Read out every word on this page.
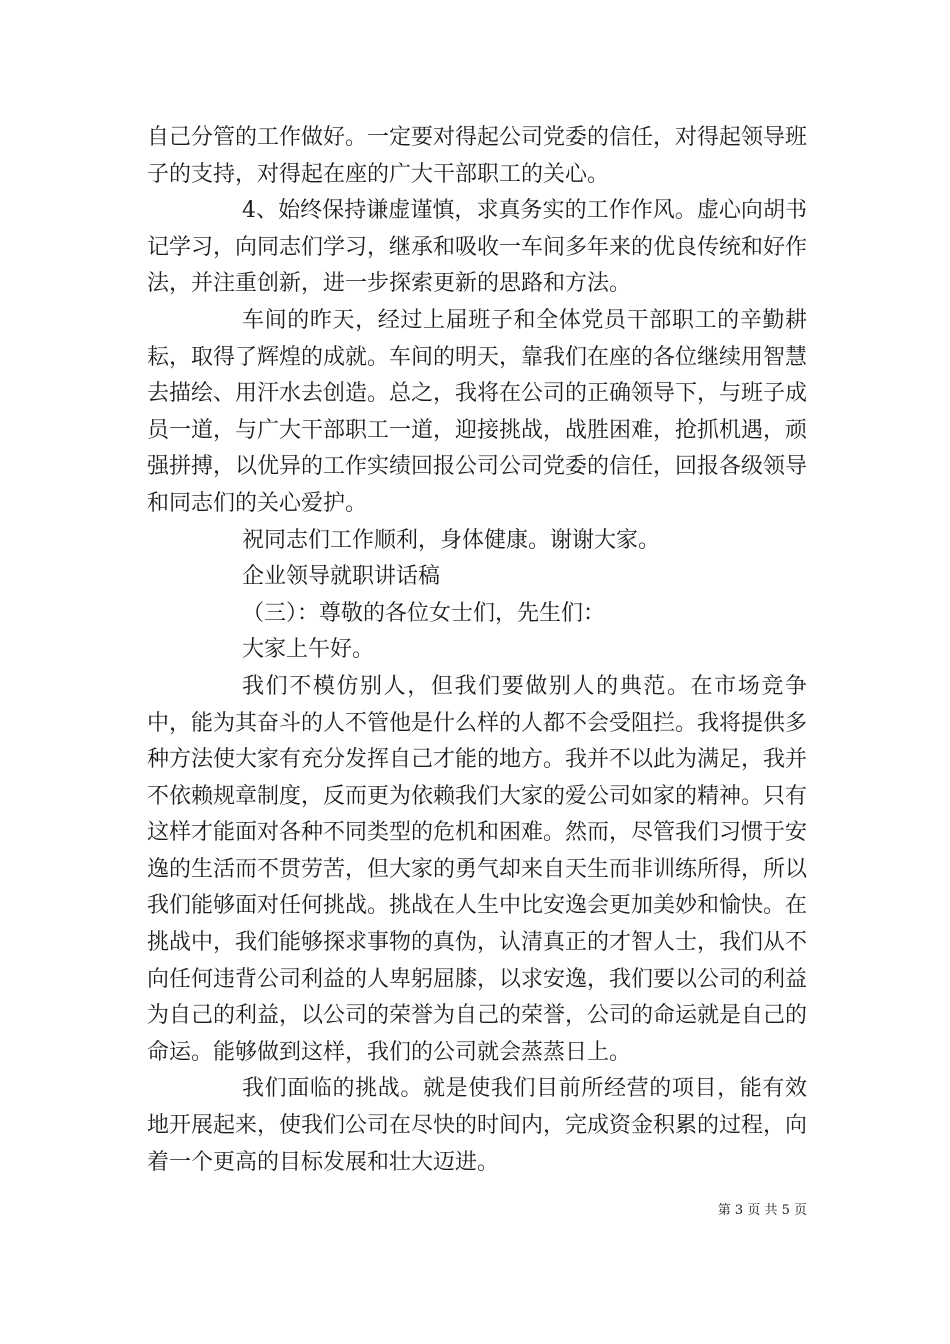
自己分管的工作做好。一定要对得起公司党委的信任，对得起领导班子的支持，对得起在座的广大干部职工的关心。

4、始终保持谦虚谨慎，求真务实的工作作风。虚心向胡书记学习，向同志们学习，继承和吸收一车间多年来的优良传统和好作法，并注重创新，进一步探索更新的思路和方法。

车间的昨天，经过上届班子和全体党员干部职工的辛勤耕耘，取得了辉煌的成就。车间的明天，靠我们在座的各位继续用智慧去描绘、用汗水去创造。总之，我将在公司的正确领导下，与班子成员一道，与广大干部职工一道，迎接挑战，战胜困难，抢抓机遇，顽强拼搏，以优异的工作实绩回报公司公司党委的信任，回报各级领导和同志们的关心爱护。

祝同志们工作顺利，身体健康。谢谢大家。

企业领导就职讲话稿

（三）：尊敬的各位女士们，先生们：

大家上午好。

我们不模仿别人，但我们要做别人的典范。在市场竞争中，能为其奋斗的人不管他是什么样的人都不会受阻拦。我将提供多种方法使大家有充分发挥自己才能的地方。我并不以此为满足，我并不依赖规章制度，反而更为依赖我们大家的爱公司如家的精神。只有这样才能面对各种不同类型的危机和困难。然而，尽管我们习惯于安逸的生活而不贯劳苦，但大家的勇气却来自天生而非训练所得，所以我们能够面对任何挑战。挑战在人生中比安逸会更加美妙和愉快。在挑战中，我们能够探求事物的真伪，认清真正的才智人士，我们从不向任何违背公司利益的人卑躬屈膝，以求安逸，我们要以公司的利益为自己的利益，以公司的荣誉为自己的荣誉，公司的命运就是自己的命运。能够做到这样，我们的公司就会蒸蒸日上。

我们面临的挑战。就是使我们目前所经营的项目，能有效地开展起来，使我们公司在尽快的时间内，完成资金积累的过程，向着一个更高的目标发展和壮大迈进。

第 3 页 共 5 页
